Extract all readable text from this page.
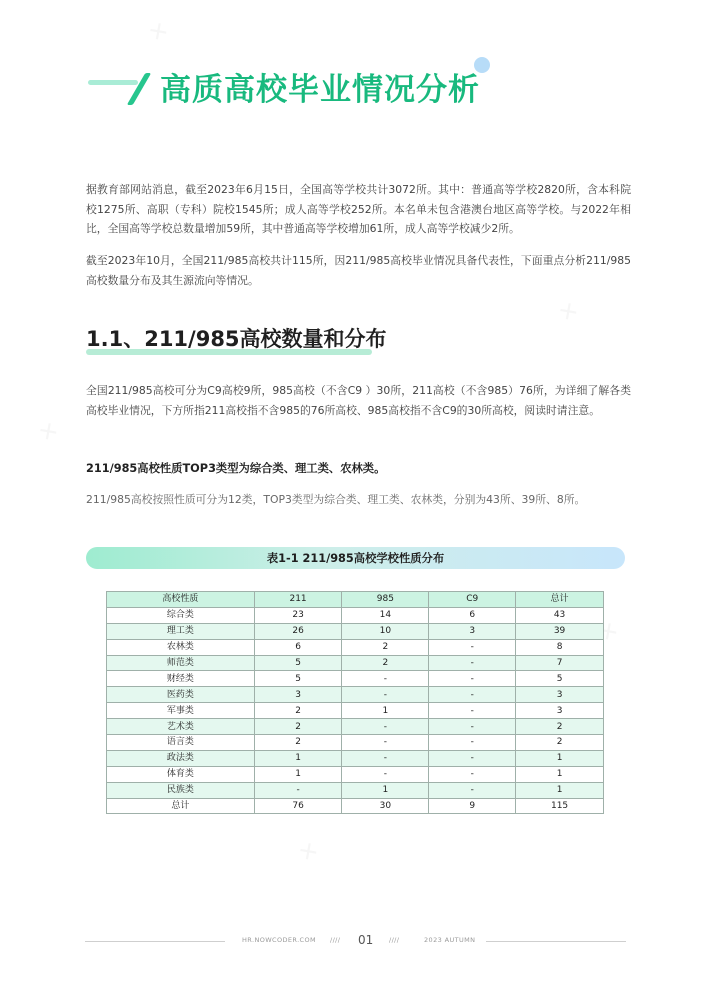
✕
✕
✕
✕
✕
高质高校毕业情况分析

据教育部网站消息，截至2023年6月15日，全国高等学校共计3072所。其中：普通高等学校2820所，含本科院校1275所、高职（专科）院校1545所；成人高等学校252所。本名单未包含港澳台地区高等学校。与2022年相比，全国高等学校总数量增加59所，其中普通高等学校增加61所，成人高等学校减少2所。

截至2023年10月，全国211/985高校共计115所，因211/985高校毕业情况具备代表性，下面重点分析211/985高校数量分布及其生源流向等情况。

1.1、211/985高校数量和分布

全国211/985高校可分为C9高校9所，985高校（不含C9 ）30所，211高校（不含985）76所，为详细了解各类高校毕业情况，下方所指211高校指不含985的76所高校、985高校指不含C9的30所高校，阅读时请注意。

211/985高校性质TOP3类型为综合类、理工类、农林类。

211/985高校按照性质可分为12类，TOP3类型为综合类、理工类、农林类，分别为43所、39所、8所。

表1-1 211/985高校学校性质分布
高校性质	211	985	C9	总计
综合类	23	14	6	43
理工类	26	10	3	39
农林类	6	2	-	8
师范类	5	2	-	7
财经类	5	-	-	5
医药类	3	-	-	3
军事类	2	1	-	3
艺术类	2	-	-	2
语言类	2	-	-	2
政法类	1	-	-	1
体育类	1	-	-	1
民族类	-	1	-	1
总计	76	30	9	115
HR.NOWCODER.COM //// 01 ////	2023 AUTUMN
